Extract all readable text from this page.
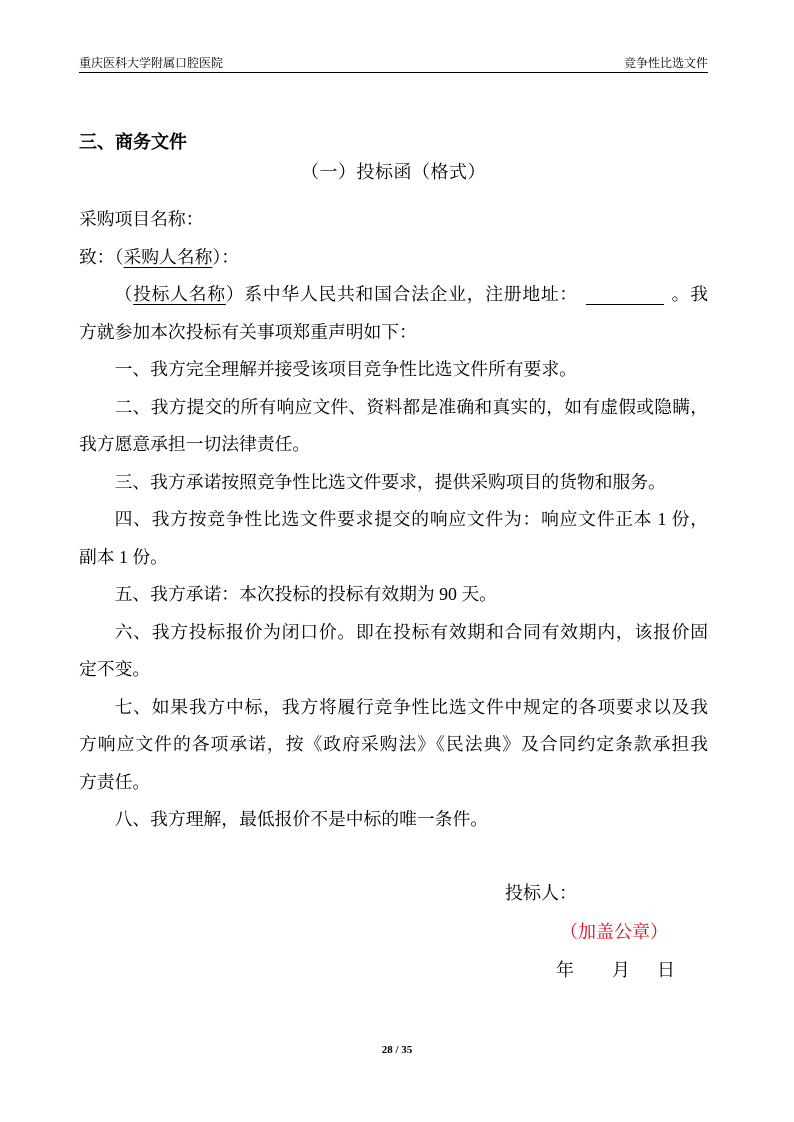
重庆医科大学附属口腔医院	竞争性比选文件
三、商务文件
（一）投标函（格式）
采购项目名称：
致：（采购人名称）：
（投标人名称）系中华人民共和国合法企业，注册地址：	。我
方就参加本次投标有关事项郑重声明如下：
一、我方完全理解并接受该项目竞争性比选文件所有要求。
二、我方提交的所有响应文件、资料都是准确和真实的，如有虚假或隐瞒，
我方愿意承担一切法律责任。
三、我方承诺按照竞争性比选文件要求，提供采购项目的货物和服务。
四、我方按竞争性比选文件要求提交的响应文件为：响应文件正本 1 份，
副本 1 份。
五、我方承诺：本次投标的投标有效期为 90 天。
六、我方投标报价为闭口价。即在投标有效期和合同有效期内，该报价固
定不变。
七、如果我方中标，我方将履行竞争性比选文件中规定的各项要求以及我
方响应文件的各项承诺，按《政府采购法》《民法典》及合同约定条款承担我
方责任。
八、我方理解，最低报价不是中标的唯一条件。
投标人：
（加盖公章）
年 月 日
28 / 35
